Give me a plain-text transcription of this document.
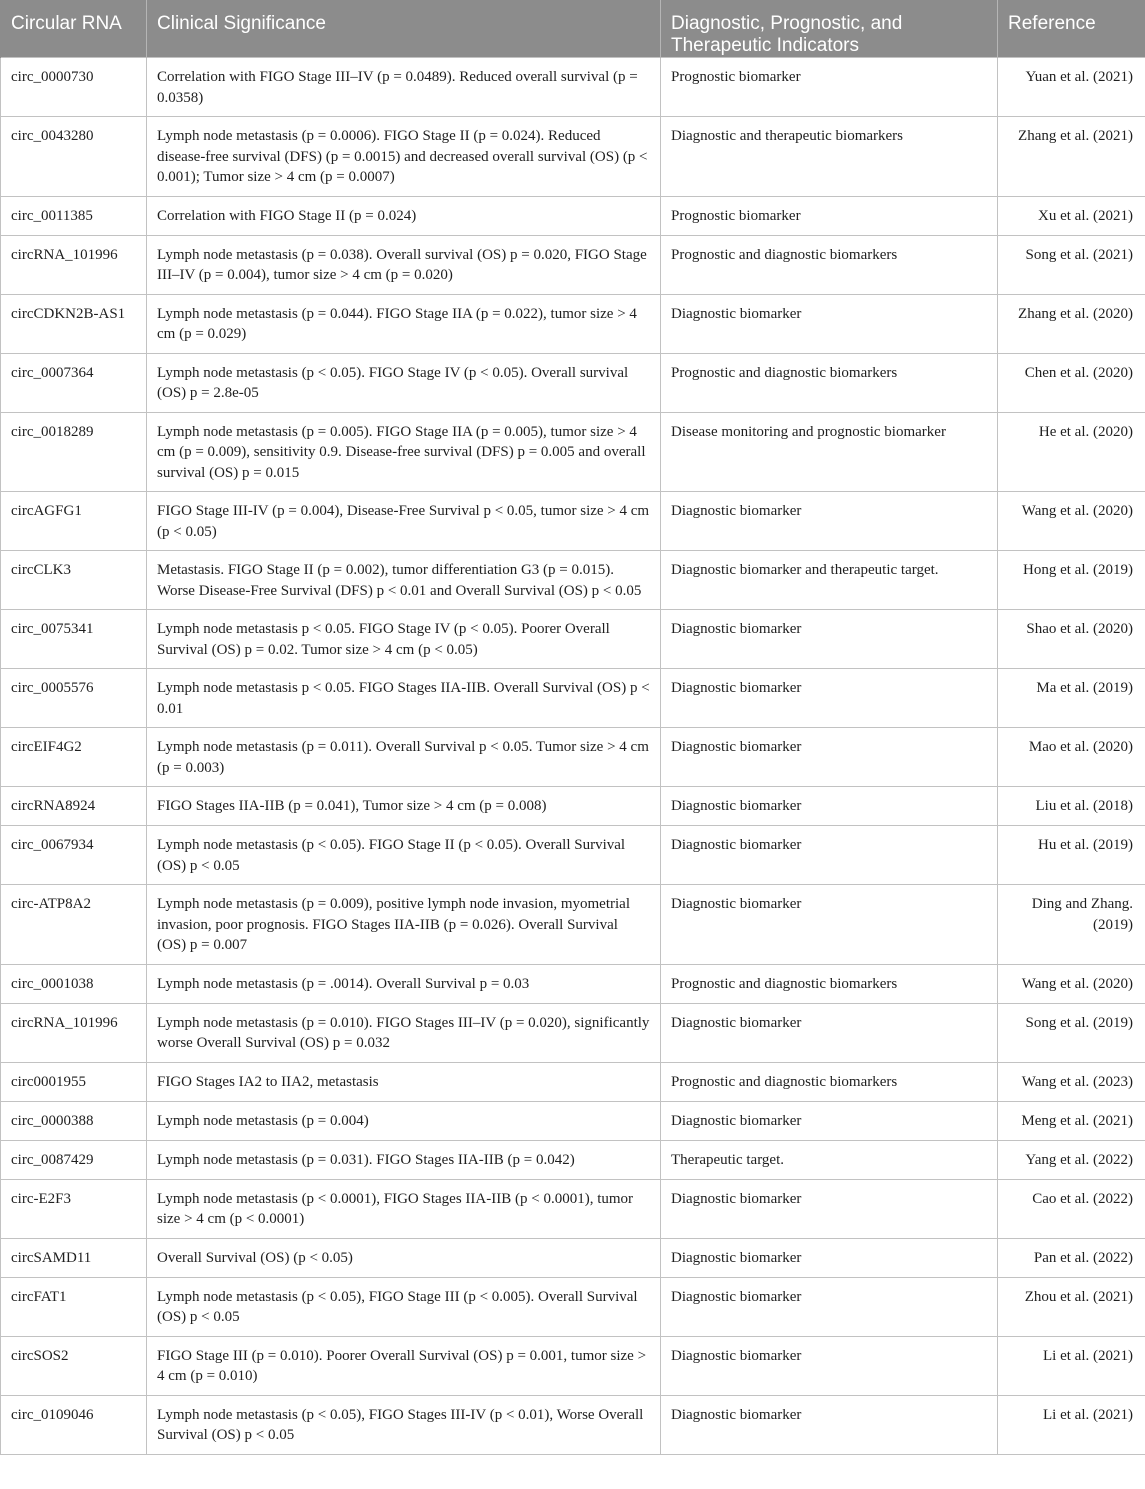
Circular RNA	Clinical Significance	Diagnostic, Prognostic, and Therapeutic Indicators	Reference
circ_0000730	Correlation with FIGO Stage III–IV (p = 0.0489). Reduced overall survival (p = 0.0358)	Prognostic biomarker	Yuan et al. (2021)
circ_0043280	Lymph node metastasis (p = 0.0006). FIGO Stage II (p = 0.024). Reduced disease-free survival (DFS) (p = 0.0015) and decreased overall survival (OS) (p < 0.001); Tumor size > 4 cm (p = 0.0007)	Diagnostic and therapeutic biomarkers	Zhang et al. (2021)
circ_0011385	Correlation with FIGO Stage II (p = 0.024)	Prognostic biomarker	Xu et al. (2021)
circRNA_101996	Lymph node metastasis (p = 0.038). Overall survival (OS) p = 0.020, FIGO Stage III–IV (p = 0.004), tumor size > 4 cm (p = 0.020)	Prognostic and diagnostic biomarkers	Song et al. (2021)
circCDKN2B-AS1	Lymph node metastasis (p = 0.044). FIGO Stage IIA (p = 0.022), tumor size > 4 cm (p = 0.029)	Diagnostic biomarker	Zhang et al. (2020)
circ_0007364	Lymph node metastasis (p < 0.05). FIGO Stage IV (p < 0.05). Overall survival (OS) p = 2.8e-05	Prognostic and diagnostic biomarkers	Chen et al. (2020)
circ_0018289	Lymph node metastasis (p = 0.005). FIGO Stage IIA (p = 0.005), tumor size > 4 cm (p = 0.009), sensitivity 0.9. Disease-free survival (DFS) p = 0.005 and overall survival (OS) p = 0.015	Disease monitoring and prognostic biomarker	He et al. (2020)
circAGFG1	FIGO Stage III-IV (p = 0.004), Disease-Free Survival p < 0.05, tumor size > 4 cm (p < 0.05)	Diagnostic biomarker	Wang et al. (2020)
circCLK3	Metastasis. FIGO Stage II (p = 0.002), tumor differentiation G3 (p = 0.015). Worse Disease-Free Survival (DFS) p < 0.01 and Overall Survival (OS) p < 0.05	Diagnostic biomarker and therapeutic target.	Hong et al. (2019)
circ_0075341	Lymph node metastasis p < 0.05. FIGO Stage IV (p < 0.05). Poorer Overall Survival (OS) p = 0.02. Tumor size > 4 cm (p < 0.05)	Diagnostic biomarker	Shao et al. (2020)
circ_0005576	Lymph node metastasis p < 0.05. FIGO Stages IIA-IIB. Overall Survival (OS) p < 0.01	Diagnostic biomarker	Ma et al. (2019)
circEIF4G2	Lymph node metastasis (p = 0.011). Overall Survival p < 0.05. Tumor size > 4 cm (p = 0.003)	Diagnostic biomarker	Mao et al. (2020)
circRNA8924	FIGO Stages IIA-IIB (p = 0.041), Tumor size > 4 cm (p = 0.008)	Diagnostic biomarker	Liu et al. (2018)
circ_0067934	Lymph node metastasis (p < 0.05). FIGO Stage II (p < 0.05). Overall Survival (OS) p < 0.05	Diagnostic biomarker	Hu et al. (2019)
circ-ATP8A2	Lymph node metastasis (p = 0.009), positive lymph node invasion, myometrial invasion, poor prognosis. FIGO Stages IIA-IIB (p = 0.026). Overall Survival (OS) p = 0.007	Diagnostic biomarker	Ding and Zhang. (2019)
circ_0001038	Lymph node metastasis (p = .0014). Overall Survival p = 0.03	Prognostic and diagnostic biomarkers	Wang et al. (2020)
circRNA_101996	Lymph node metastasis (p = 0.010). FIGO Stages III–IV (p = 0.020), significantly worse Overall Survival (OS) p = 0.032	Diagnostic biomarker	Song et al. (2019)
circ0001955	FIGO Stages IA2 to IIA2, metastasis	Prognostic and diagnostic biomarkers	Wang et al. (2023)
circ_0000388	Lymph node metastasis (p = 0.004)	Diagnostic biomarker	Meng et al. (2021)
circ_0087429	Lymph node metastasis (p = 0.031). FIGO Stages IIA-IIB (p = 0.042)	Therapeutic target.	Yang et al. (2022)
circ-E2F3	Lymph node metastasis (p < 0.0001), FIGO Stages IIA-IIB (p < 0.0001), tumor size > 4 cm (p < 0.0001)	Diagnostic biomarker	Cao et al. (2022)
circSAMD11	Overall Survival (OS) (p < 0.05)	Diagnostic biomarker	Pan et al. (2022)
circFAT1	Lymph node metastasis (p < 0.05), FIGO Stage III (p < 0.005). Overall Survival (OS) p < 0.05	Diagnostic biomarker	Zhou et al. (2021)
circSOS2	FIGO Stage III (p = 0.010). Poorer Overall Survival (OS) p = 0.001, tumor size > 4 cm (p = 0.010)	Diagnostic biomarker	Li et al. (2021)
circ_0109046	Lymph node metastasis (p < 0.05), FIGO Stages III-IV (p < 0.01), Worse Overall Survival (OS) p < 0.05	Diagnostic biomarker	Li et al. (2021)
